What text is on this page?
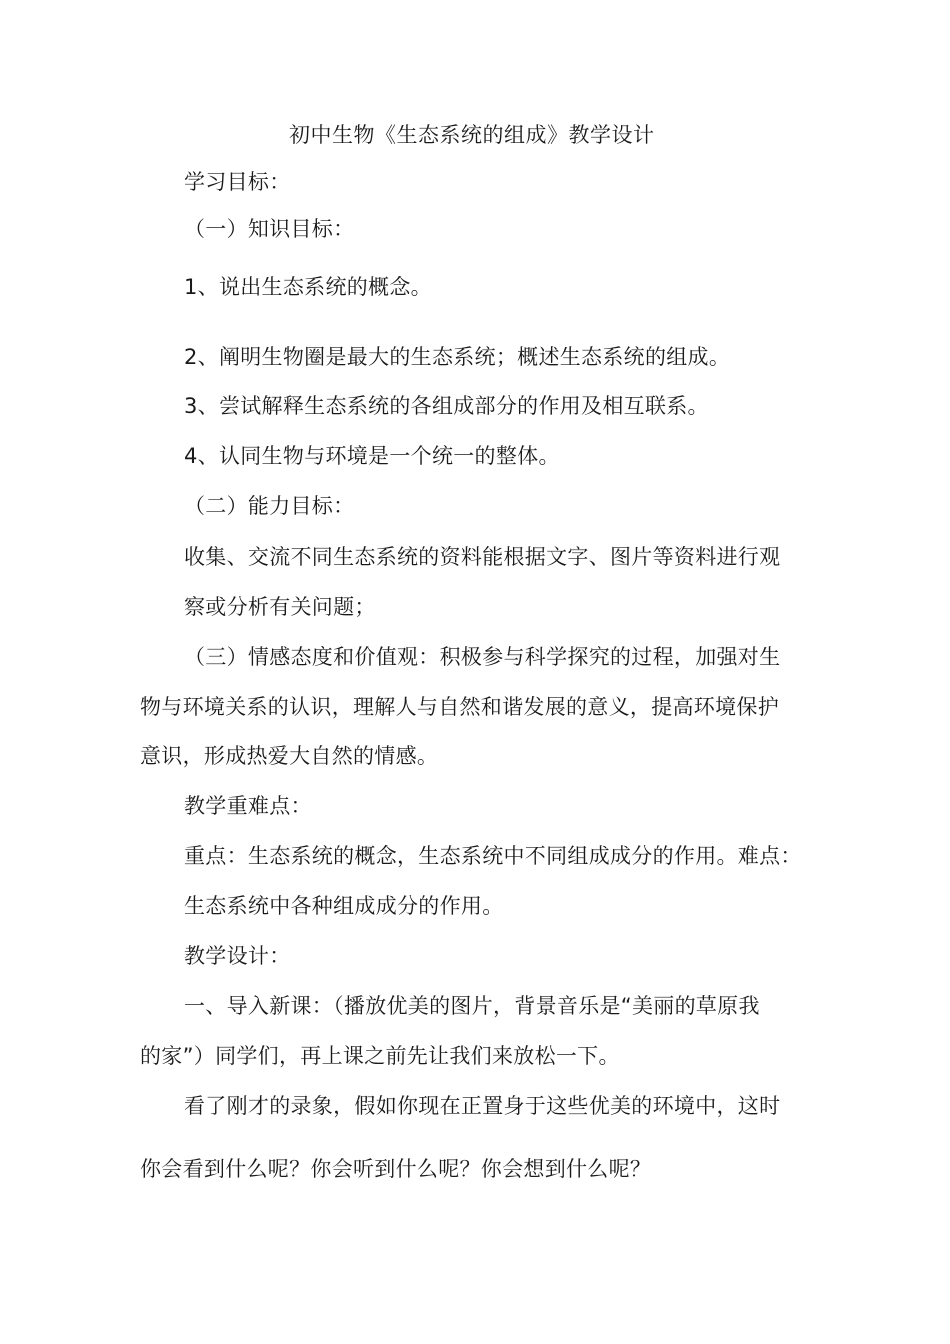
初中生物《生态系统的组成》教学设计
学习目标：
（一）知识目标：
1、说出生态系统的概念。
2、阐明生物圈是最大的生态系统；概述生态系统的组成。
3、尝试解释生态系统的各组成部分的作用及相互联系。
4、认同生物与环境是一个统一的整体。
（二）能力目标：
收集、交流不同生态系统的资料能根据文字、图片等资料进行观
察或分析有关问题；
（三）情感态度和价值观：积极参与科学探究的过程，加强对生
物与环境关系的认识，理解人与自然和谐发展的意义，提高环境保护
意识，形成热爱大自然的情感。
教学重难点：
重点：生态系统的概念，生态系统中不同组成成分的作用。难点：
生态系统中各种组成成分的作用。
教学设计：
一、导入新课：（播放优美的图片，背景音乐是“美丽的草原我
的家”）同学们，再上课之前先让我们来放松一下。
看了刚才的录象，假如你现在正置身于这些优美的环境中，这时
你会看到什么呢？你会听到什么呢？你会想到什么呢？
